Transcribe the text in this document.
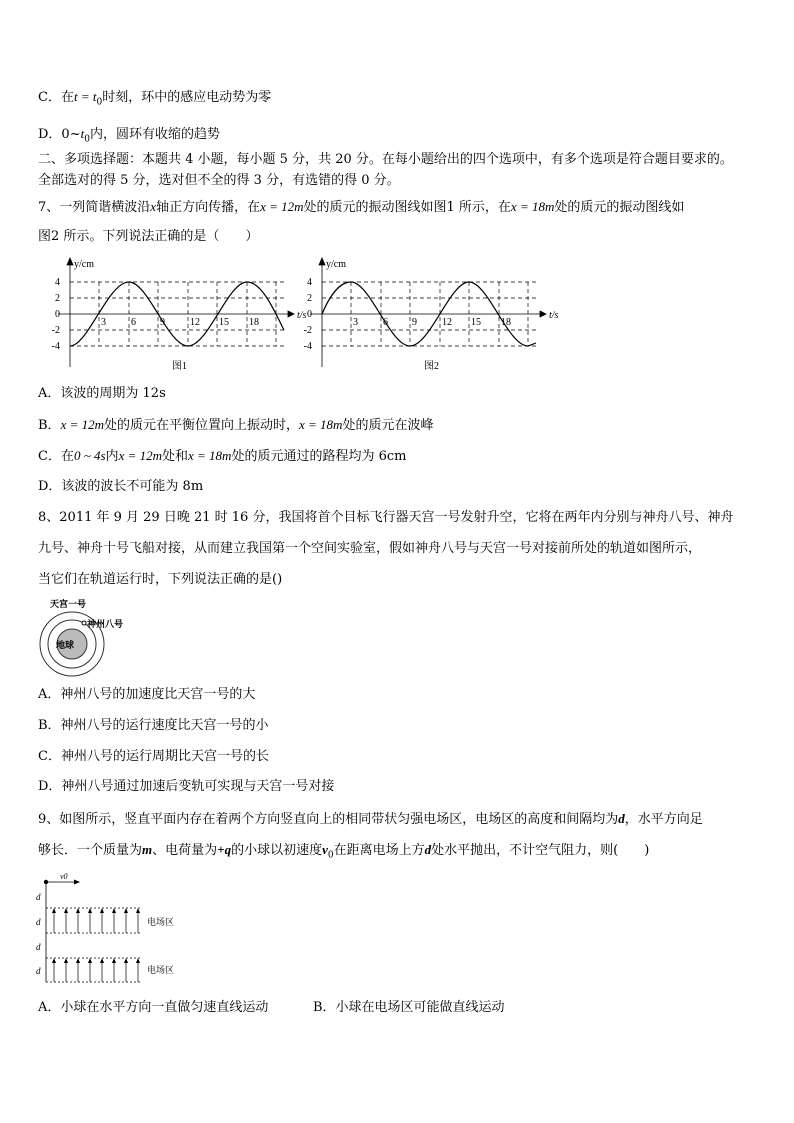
C．在$t = t_0$时刻，环中的感应电动势为零
D．$0\sim t_0$内，圆环有收缩的趋势
二、多项选择题：本题共 4 小题，每小题 5 分，共 20 分。在每小题给出的四个选项中，有多个选项是符合题目要求的。
全部选对的得 5 分，选对但不全的得 3 分，有选错的得 0 分。
7、一列简谐横波沿x轴正方向传播，在x = 12m处的质元的振动图线如图1 所示，在x = 18m处的质元的振动图线如
图2 所示。下列说法正确的是（　　）
y/cm
t/s
4
2
0
-2
-4
3	6 9	12 15 18
图1
y/cm
t/s
4
2
0
-2
-4
3	6 9	12 15 18
图2
A．该波的周期为 12s
B．x = 12m处的质元在平衡位置向上振动时，x = 18m处的质元在波峰
C．在0 ~ 4s内x = 12m处和x = 18m处的质元通过的路程均为 6cm
D．该波的波长不可能为 8m
8、2011 年 9 月 29 日晚 21 时 16 分，我国将首个目标飞行器天宫一号发射升空，它将在两年内分别与神舟八号、神舟
九号、神舟十号飞船对接，从而建立我国第一个空间实验室，假如神舟八号与天宫一号对接前所处的轨道如图所示，
当它们在轨道运行时，下列说法正确的是()
地球
天宫一号
神州八号
A．神州八号的加速度比天宫一号的大
B．神州八号的运行速度比天宫一号的小
C．神州八号的运行周期比天宫一号的长
D．神州八号通过加速后变轨可实现与天宫一号对接
9、如图所示，竖直平面内存在着两个方向竖直向上的相同带状匀强电场区，电场区的高度和间隔均为d，水平方向足
够长．一个质量为m、电荷量为+q的小球以初速度$v_0$在距离电场上方d处水平抛出，不计空气阻力，则(　　)
v0
d
d
d
d
电场区
电场区
A．小球在水平方向一直做匀速直线运动	B．小球在电场区可能做直线运动
